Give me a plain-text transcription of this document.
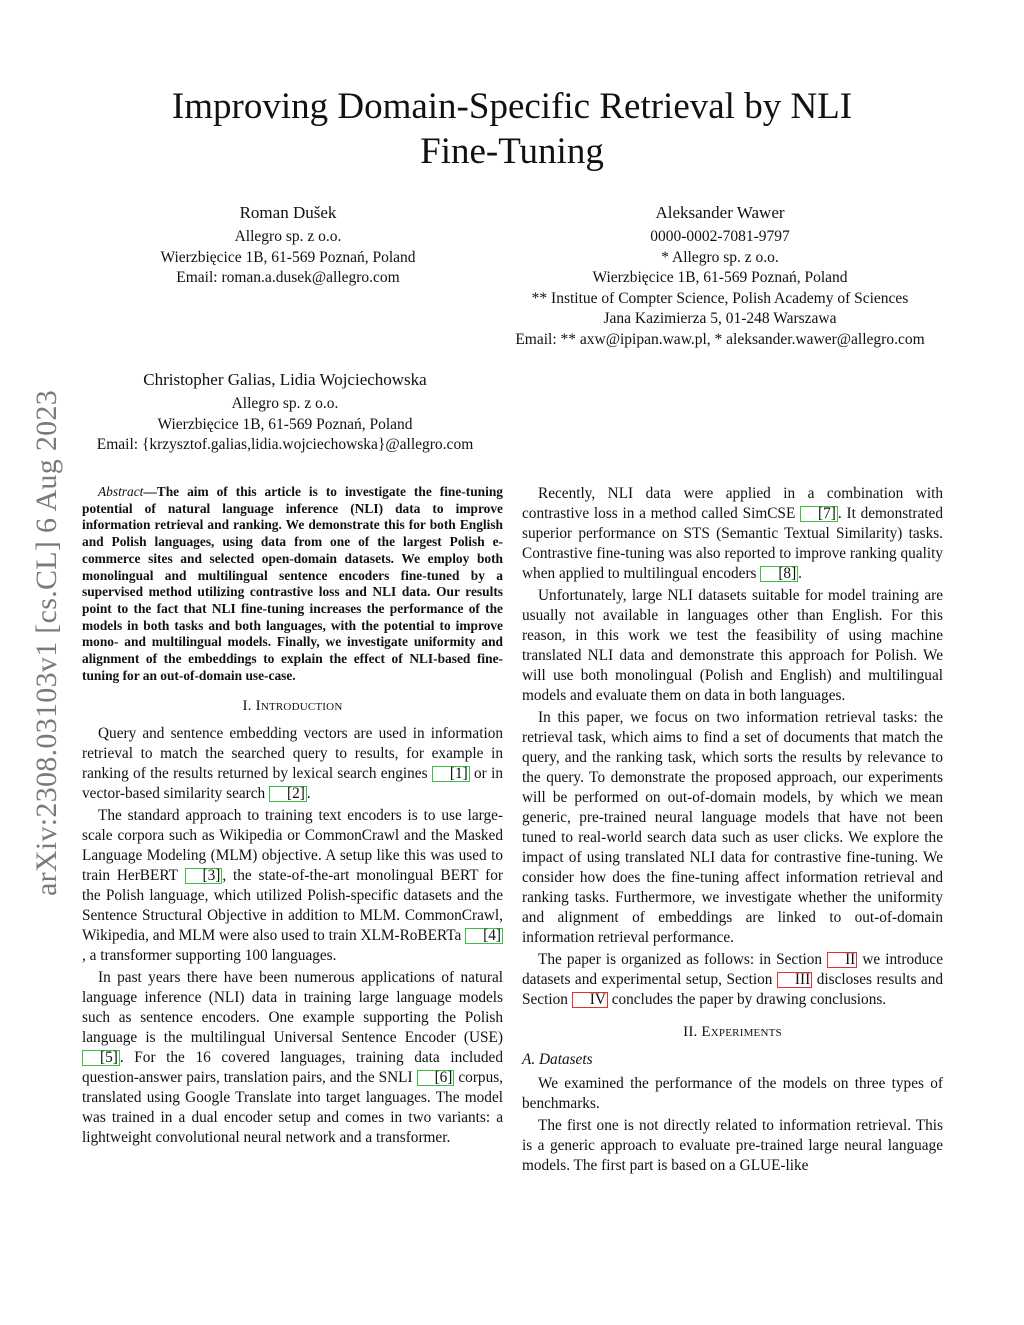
arXiv:2308.03103v1 [cs.CL] 6 Aug 2023
Improving Domain-Specific Retrieval by NLI
Fine-Tuning
Roman Dušek
Allegro sp. z o.o.
Wierzbięcice 1B, 61-569 Poznań, Poland
Email: roman.a.dusek@allegro.com
Aleksander Wawer
0000-0002-7081-9797
* Allegro sp. z o.o.
Wierzbięcice 1B, 61-569 Poznań, Poland
** Institue of Compter Science, Polish Academy of Sciences
Jana Kazimierza 5, 01-248 Warszawa
Email: ** axw@ipipan.waw.pl, * aleksander.wawer@allegro.com
Christopher Galias, Lidia Wojciechowska
Allegro sp. z o.o.
Wierzbięcice 1B, 61-569 Poznań, Poland
Email: {krzysztof.galias,lidia.wojciechowska}@allegro.com

Abstract—The aim of this article is to investigate the fine-tuning potential of natural language inference (NLI) data to improve information retrieval and ranking. We demonstrate this for both English and Polish languages, using data from one of the largest Polish e-commerce sites and selected open-domain datasets. We employ both monolingual and multilingual sentence encoders fine-tuned by a supervised method utilizing contrastive loss and NLI data. Our results point to the fact that NLI fine-tuning increases the performance of the models in both tasks and both languages, with the potential to improve mono- and multilingual models. Finally, we investigate uniformity and alignment of the embeddings to explain the effect of NLI-based fine-tuning for an out-of-domain use-case.

I. Introduction

Query and sentence embedding vectors are used in information retrieval to match the searched query to results, for example in ranking of the results returned by lexical search engines [1] or in vector-based similarity search [2] .

The standard approach to training text encoders is to use large-scale corpora such as Wikipedia or CommonCrawl and the Masked Language Modeling (MLM) objective. A setup like this was used to train HerBERT [3] , the state-of-the-art monolingual BERT for the Polish language, which utilized Polish-specific datasets and the Sentence Structural Objective in addition to MLM. CommonCrawl, Wikipedia, and MLM were also used to train XLM-RoBERTa [4], a transformer supporting 100 languages.

In past years there have been numerous applications of natural language inference (NLI) data in training large language models such as sentence encoders. One example supporting the Polish language is the multilingual Universal Sentence Encoder (USE) [5] . For the 16 covered languages, training data included question-answer pairs, translation pairs, and the SNLI [6] corpus, translated using Google Translate into target languages. The model was trained in a dual encoder setup and comes in two variants: a lightweight convolutional neural network and a transformer.

Recently, NLI data were applied in a combination with contrastive loss in a method called SimCSE [7] . It demonstrated superior performance on STS (Semantic Textual Similarity) tasks. Contrastive fine-tuning was also reported to improve ranking quality when applied to multilingual encoders [8] .

Unfortunately, large NLI datasets suitable for model training are usually not available in languages other than English. For this reason, in this work we test the feasibility of using machine translated NLI data and demonstrate this approach for Polish. We will use both monolingual (Polish and English) and multilingual models and evaluate them on data in both languages.

In this paper, we focus on two information retrieval tasks: the retrieval task, which aims to find a set of documents that match the query, and the ranking task, which sorts the results by relevance to the query. To demonstrate the proposed approach, our experiments will be performed on out-of-domain models, by which we mean generic, pre-trained neural language models that have not been tuned to real-world search data such as user clicks. We explore the impact of using translated NLI data for contrastive fine-tuning. We consider how does the fine-tuning affect information retrieval and ranking tasks. Furthermore, we investigate whether the uniformity and alignment of embeddings are linked to out-of-domain information retrieval performance.

The paper is organized as follows: in Section II we introduce datasets and experimental setup, Section III discloses results and Section IV concludes the paper by drawing conclusions.

II. Experiments
A. Datasets

We examined the performance of the models on three types of benchmarks.

The first one is not directly related to information retrieval. This is a generic approach to evaluate pre-trained large neural language models. The first part is based on a GLUE-like
